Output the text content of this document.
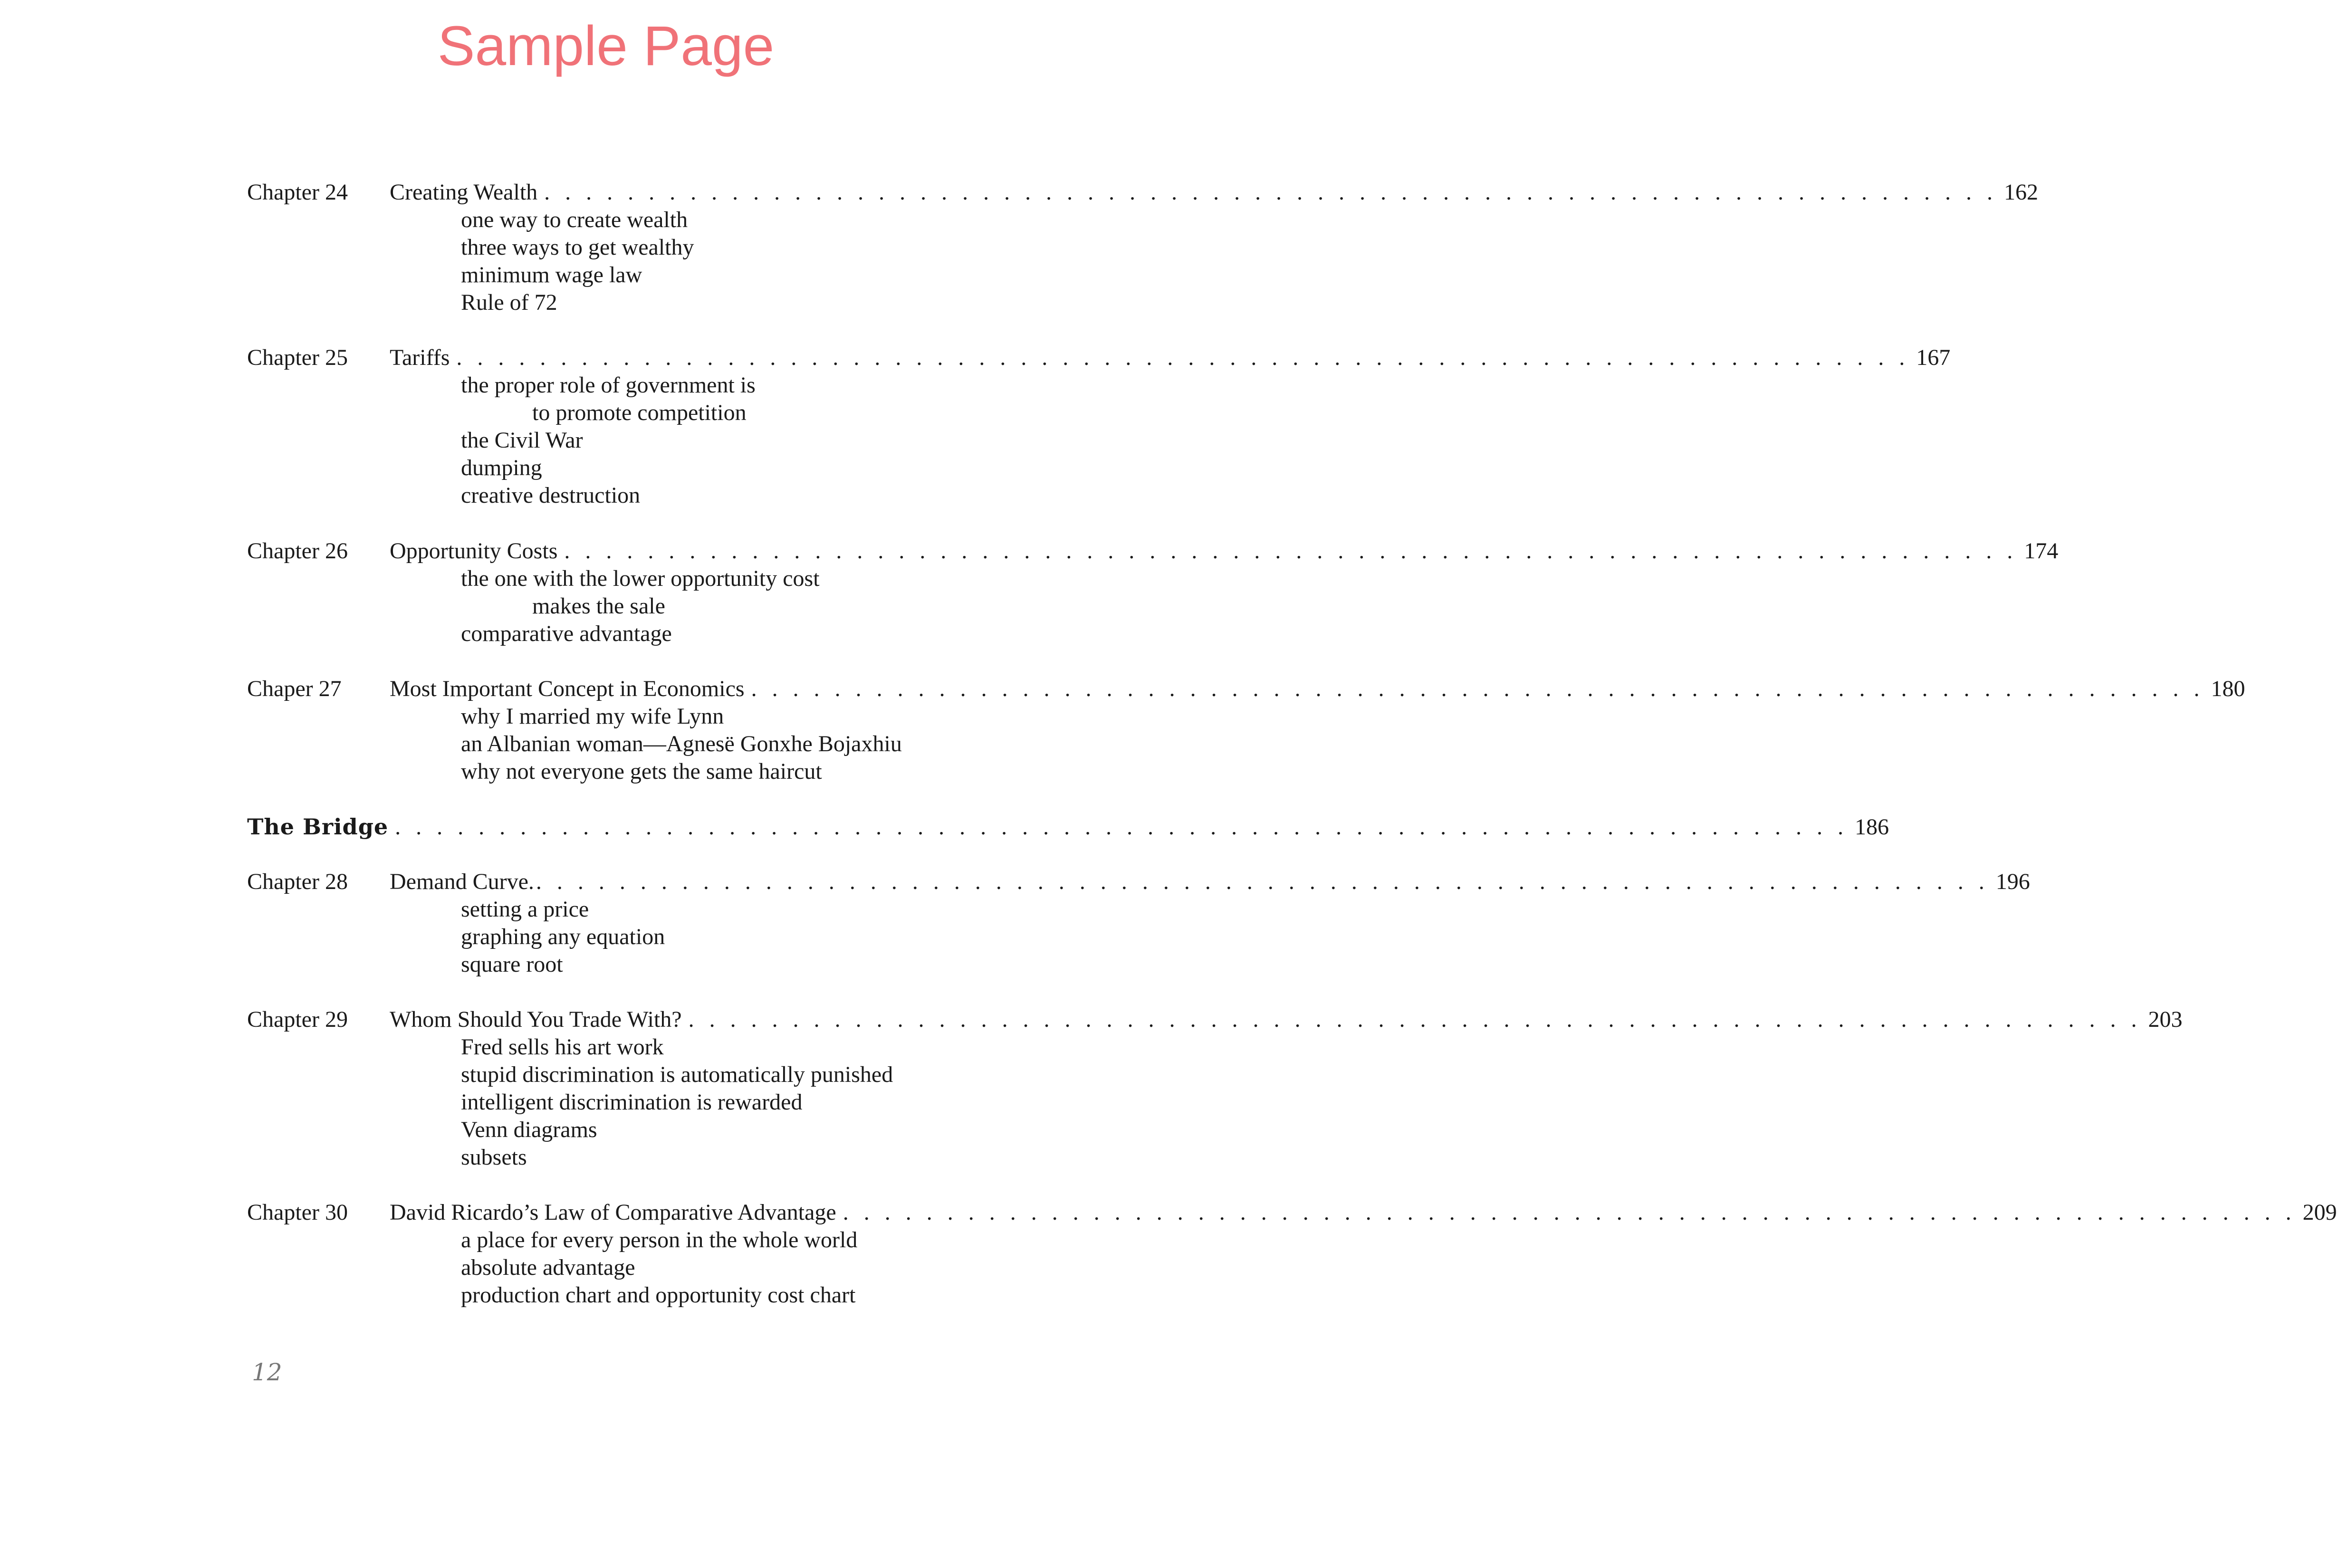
Sample Page
Chapter 24 Creating Wealth . . . . . . . . . . . . . . . . . . . . . . . . . . . . . . . . . . . . . . . . . . . . . . . . . . . . . . . . . . . . . . . . . . . . . . 162
one way to create wealth
three ways to get wealthy
minimum wage law
Rule of 72
Chapter 25 Tariffs . . . . . . . . . . . . . . . . . . . . . . . . . . . . . . . . . . . . . . . . . . . . . . . . . . . . . . . . . . . . . . . . . . . . . . 167
the proper role of government is
to promote competition
the Civil War
dumping
creative destruction
Chapter 26 Opportunity Costs . . . . . . . . . . . . . . . . . . . . . . . . . . . . . . . . . . . . . . . . . . . . . . . . . . . . . . . . . . . . . . . . . . . . . . 174
the one with the lower opportunity cost
makes the sale
comparative advantage
Chaper 27 Most Important Concept in Economics . . . . . . . . . . . . . . . . . . . . . . . . . . . . . . . . . . . . . . . . . . . . . . . . . . . . . . . . . . . . . . . . . . . . . . 180
why I married my wife Lynn
an Albanian woman—Agnesë Gonxhe Bojaxhiu
why not everyone gets the same haircut
The Bridge . . . . . . . . . . . . . . . . . . . . . . . . . . . . . . . . . . . . . . . . . . . . . . . . . . . . . . . . . . . . . . . . . . . . . . 186
Chapter 28 Demand Curve. . . . . . . . . . . . . . . . . . . . . . . . . . . . . . . . . . . . . . . . . . . . . . . . . . . . . . . . . . . . . . . . . . . . . . . 196
setting a price
graphing any equation
square root
Chapter 29 Whom Should You Trade With? . . . . . . . . . . . . . . . . . . . . . . . . . . . . . . . . . . . . . . . . . . . . . . . . . . . . . . . . . . . . . . . . . . . . . . 203
Fred sells his art work
stupid discrimination is automatically punished
intelligent discrimination is rewarded
Venn diagrams
subsets
Chapter 30 David Ricardo’s Law of Comparative Advantage . . . . . . . . . . . . . . . . . . . . . . . . . . . . . . . . . . . . . . . . . . . . . . . . . . . . . . . . . . . . . . . . . . . . . . 209
a place for every person in the whole world
absolute advantage
production chart and opportunity cost chart
12
